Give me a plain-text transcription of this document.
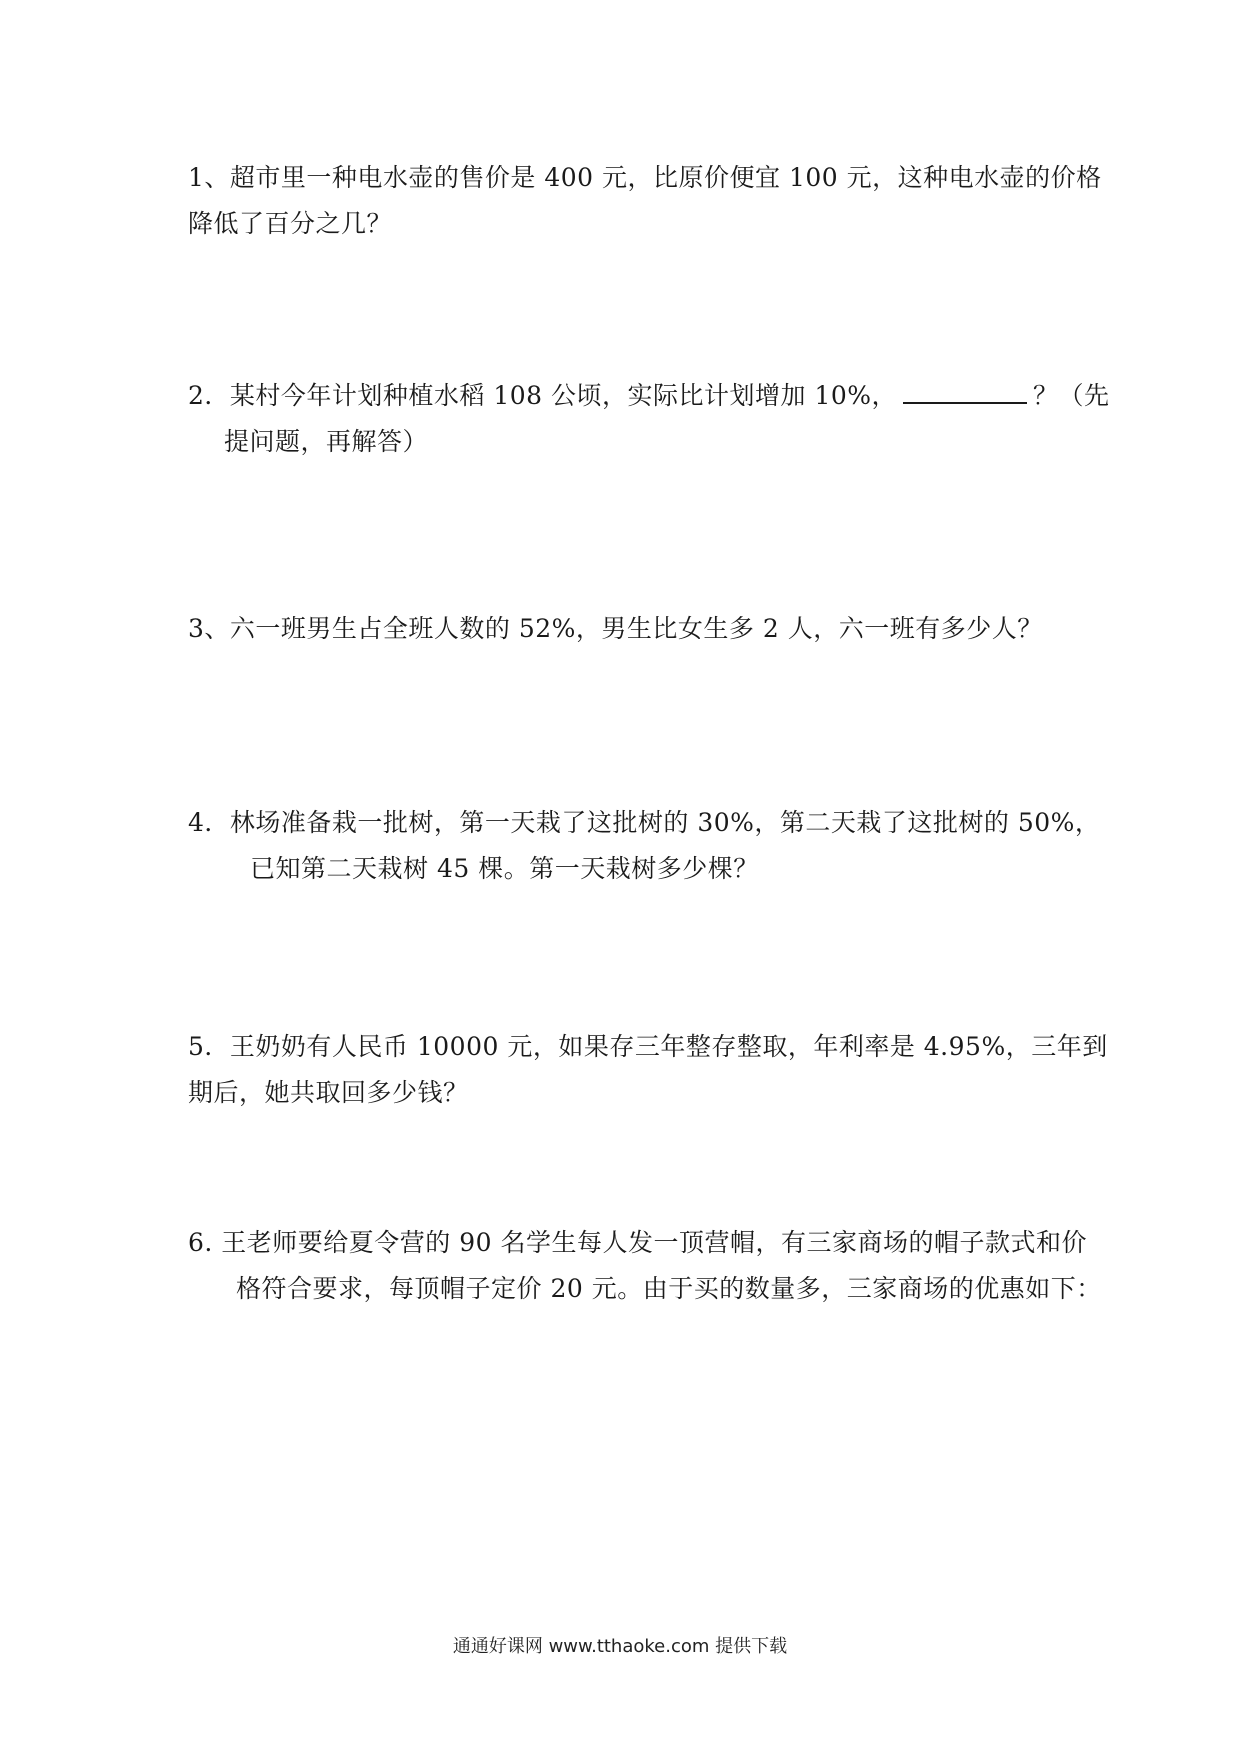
1、超市里一种电水壶的售价是 400 元，比原价便宜 100 元，这种电水壶的价格
降低了百分之几？
2．某村今年计划种植水稻 108 公顷，实际比计划增加 10%，	？（先
提问题，再解答）
3、六一班男生占全班人数的 52%，男生比女生多 2 人，六一班有多少人？
4．林场准备栽一批树，第一天栽了这批树的 30%，第二天栽了这批树的 50%，
已知第二天栽树 45 棵。第一天栽树多少棵？
5．王奶奶有人民币 10000 元，如果存三年整存整取，年利率是 4.95%，三年到
期后，她共取回多少钱？
6. 王老师要给夏令营的 90 名学生每人发一顶营帽，有三家商场的帽子款式和价
格符合要求，每顶帽子定价 20 元。由于买的数量多，三家商场的优惠如下：
通通好课网 www.tthaoke.com 提供下载
